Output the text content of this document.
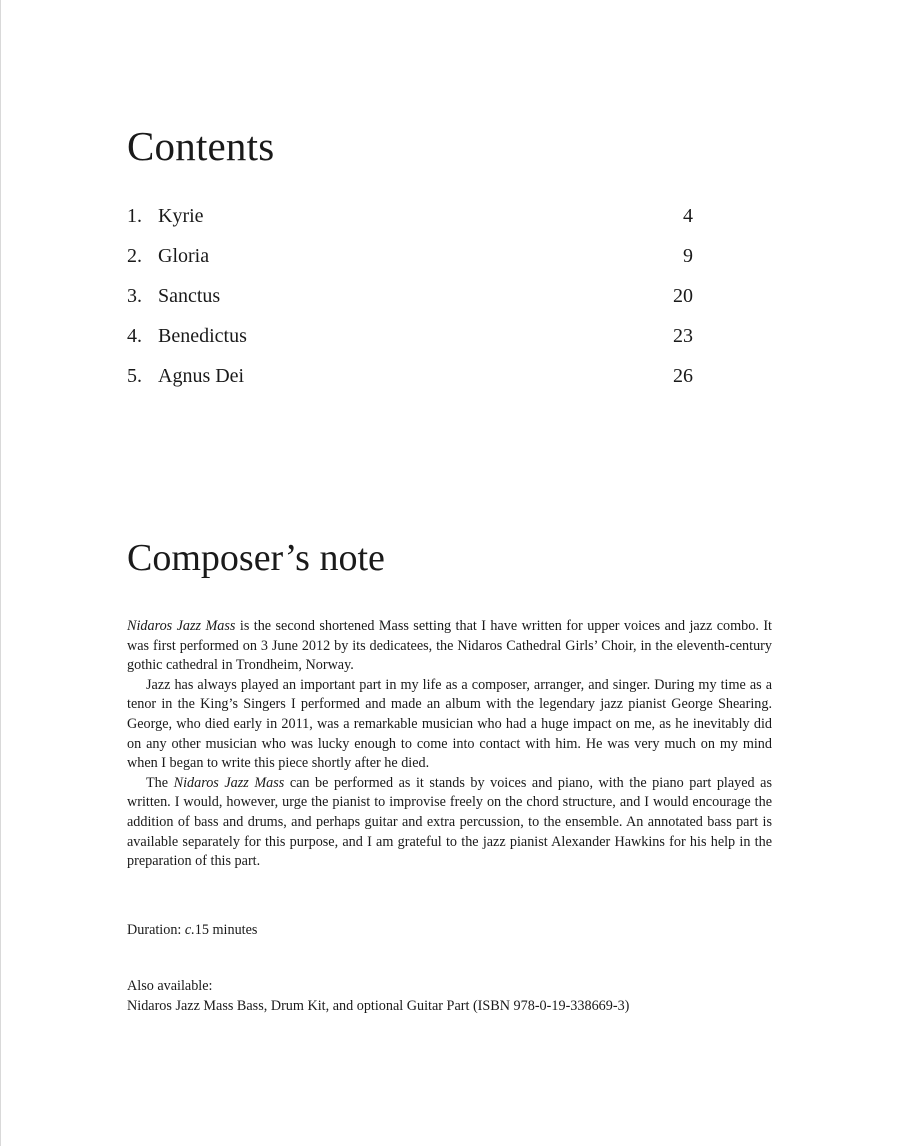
Contents
1. Kyrie	4
2. Gloria	9
3. Sanctus	20
4. Benedictus	23
5. Agnus Dei	26
Composer’s note

Nidaros Jazz Mass is the second shortened Mass setting that I have written for upper voices and jazz combo. It was first performed on 3 June 2012 by its dedicatees, the Nidaros Cathedral Girls’ Choir, in the eleventh-century gothic cathedral in Trondheim, Norway.

Jazz has always played an important part in my life as a composer, arranger, and singer. During my time as a tenor in the King’s Singers I performed and made an album with the legendary jazz pianist George Shearing. George, who died early in 2011, was a remarkable musician who had a huge impact on me, as he inevitably did on any other musician who was lucky enough to come into contact with him. He was very much on my mind when I began to write this piece shortly after he died.

The Nidaros Jazz Mass can be performed as it stands by voices and piano, with the piano part played as written. I would, however, urge the pianist to improvise freely on the chord structure, and I would encourage the addition of bass and drums, and perhaps guitar and extra percussion, to the ensemble. An annotated bass part is available separately for this purpose, and I am grateful to the jazz pianist Alexander Hawkins for his help in the preparation of this part.

Duration: c.15 minutes
Also available:
Nidaros Jazz Mass Bass, Drum Kit, and optional Guitar Part (ISBN 978-0-19-338669-3)
